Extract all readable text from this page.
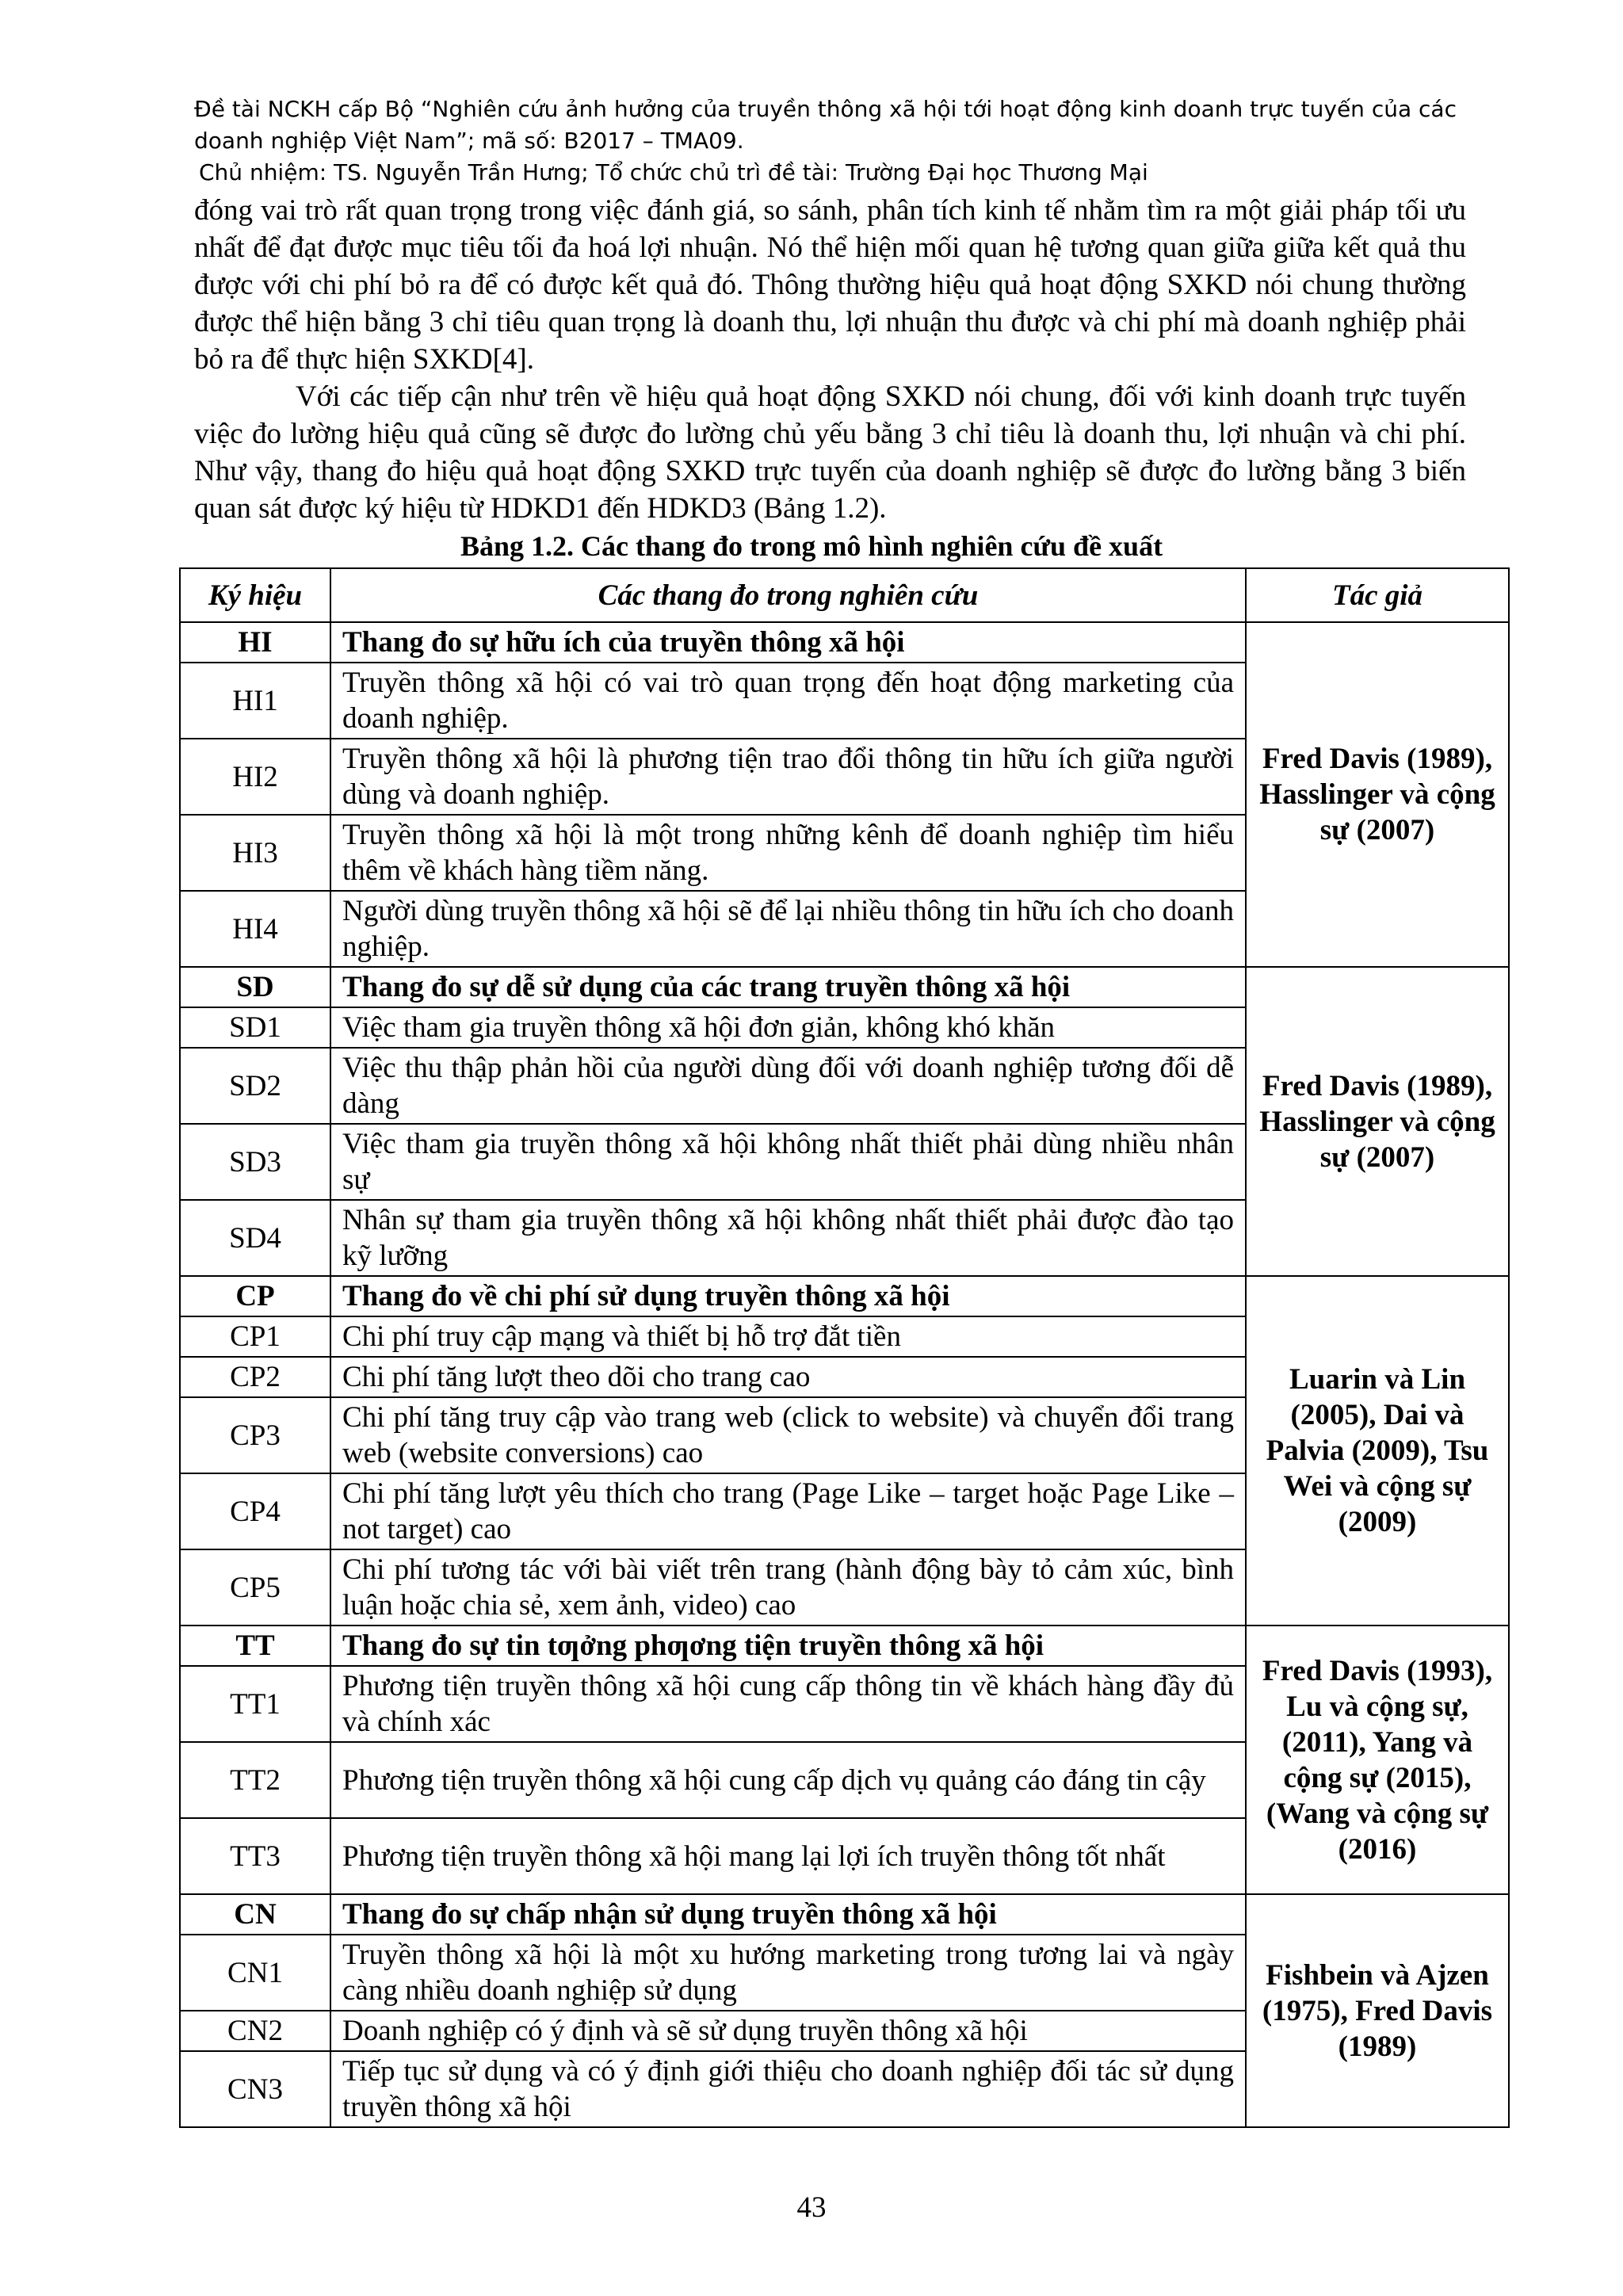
Đề tài NCKH cấp Bộ “Nghiên cứu ảnh hưởng của truyền thông xã hội tới hoạt động kinh doanh trực tuyến của các
doanh nghiệp Việt Nam”; mã số: B2017 – TMA09.
Chủ nhiệm: TS. Nguyễn Trần Hưng; Tổ chức chủ trì đề tài: Trường Đại học Thương Mại

đóng vai trò rất quan trọng trong việc đánh giá, so sánh, phân tích kinh tế nhằm tìm ra một giải pháp tối ưu nhất để đạt được mục tiêu tối đa hoá lợi nhuận. Nó thể hiện mối quan hệ tương quan giữa giữa kết quả thu được với chi phí bỏ ra để có được kết quả đó. Thông thường hiệu quả hoạt động SXKD nói chung thường được thể hiện bằng 3 chỉ tiêu quan trọng là doanh thu, lợi nhuận thu được và chi phí mà doanh nghiệp phải bỏ ra để thực hiện SXKD[4].

Với các tiếp cận như trên về hiệu quả hoạt động SXKD nói chung, đối với kinh doanh trực tuyến việc đo lường hiệu quả cũng sẽ được đo lường chủ yếu bằng 3 chỉ tiêu là doanh thu, lợi nhuận và chi phí. Như vậy, thang đo hiệu quả hoạt động SXKD trực tuyến của doanh nghiệp sẽ được đo lường bằng 3 biến quan sát được ký hiệu từ HDKD1 đến HDKD3 (Bảng 1.2).

Bảng 1.2. Các thang đo trong mô hình nghiên cứu đề xuất
Ký hiệu	Các thang đo trong nghiên cứu	Tác giả
HI	Thang đo sự hữu ích của truyền thông xã hội	Fred Davis (1989), Hasslinger và cộng sự (2007)
HI1	Truyền thông xã hội có vai trò quan trọng đến hoạt động marketing của doanh nghiệp.	
HI2	Truyền thông xã hội là phương tiện trao đổi thông tin hữu ích giữa người dùng và doanh nghiệp.	
HI3	Truyền thông xã hội là một trong những kênh để doanh nghiệp tìm hiểu thêm về khách hàng tiềm năng.	
HI4	Người dùng truyền thông xã hội sẽ để lại nhiều thông tin hữu ích cho doanh nghiệp.	
SD	Thang đo sự dễ sử dụng của các trang truyền thông xã hội	Fred Davis (1989), Hasslinger và cộng sự (2007)
SD1	Việc tham gia truyền thông xã hội đơn giản, không khó khăn	
SD2	Việc thu thập phản hồi của người dùng đối với doanh nghiệp tương đối dễ dàng	
SD3	Việc tham gia truyền thông xã hội không nhất thiết phải dùng nhiều nhân sự	
SD4	Nhân sự tham gia truyền thông xã hội không nhất thiết phải được đào tạo kỹ lưỡng	
CP	Thang đo về chi phí sử dụng truyền thông xã hội	Luarin và Lin (2005), Dai và Palvia (2009), Tsu Wei và cộng sự (2009)
CP1	Chi phí truy cập mạng và thiết bị hỗ trợ đắt tiền	
CP2	Chi phí tăng lượt theo dõi cho trang cao	
CP3	Chi phí tăng truy cập vào trang web (click to website) và chuyển đổi trang web (website conversions) cao	
CP4	Chi phí tăng lượt yêu thích cho trang (Page Like – target hoặc Page Like – not target) cao	
CP5	Chi phí tương tác với bài viết trên trang (hành động bày tỏ cảm xúc, bình luận hoặc chia sẻ, xem ảnh, video) cao	
TT	Thang đo sự tin tƣởng phƣơng tiện truyền thông xã hội	Fred Davis (1993), Lu và cộng sự, (2011), Yang và cộng sự (2015), (Wang và cộng sự (2016)
TT1	Phương tiện truyền thông xã hội cung cấp thông tin về khách hàng đầy đủ và chính xác	
TT2	Phương tiện truyền thông xã hội cung cấp dịch vụ quảng cáo đáng tin cậy	
TT3	Phương tiện truyền thông xã hội mang lại lợi ích truyền thông tốt nhất	
CN	Thang đo sự chấp nhận sử dụng truyền thông xã hội	Fishbein và Ajzen (1975), Fred Davis (1989)
CN1	Truyền thông xã hội là một xu hướng marketing trong tương lai và ngày càng nhiều doanh nghiệp sử dụng	
CN2	Doanh nghiệp có ý định và sẽ sử dụng truyền thông xã hội	
CN3	Tiếp tục sử dụng và có ý định giới thiệu cho doanh nghiệp đối tác sử dụng truyền thông xã hội	
43
